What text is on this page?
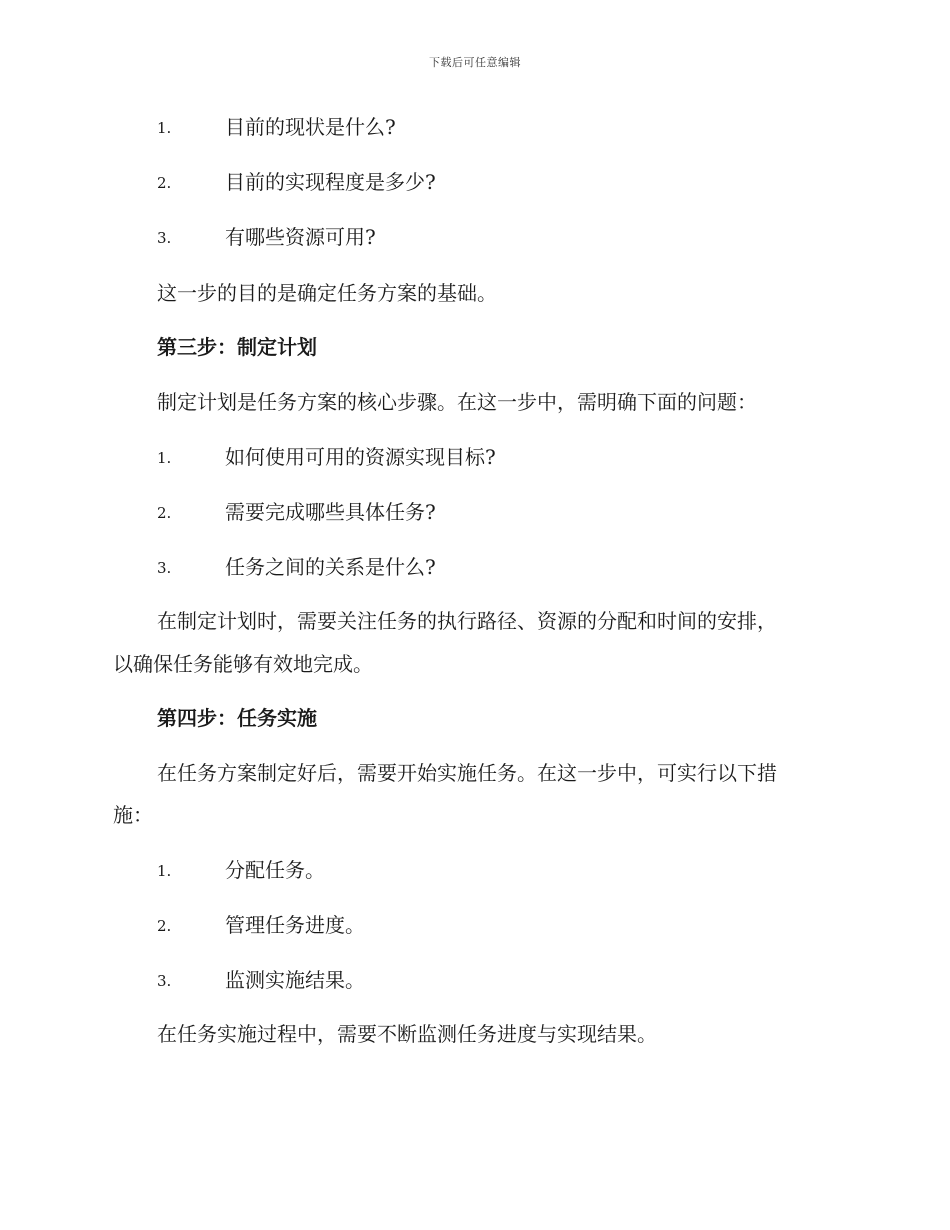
下载后可任意编辑
1.	目前的现状是什么?
2.	目前的实现程度是多少?
3.	有哪些资源可用?
这一步的目的是确定任务方案的基础。
第三步：制定计划
制定计划是任务方案的核心步骤。在这一步中，需明确下面的问题：
1.	如何使用可用的资源实现目标?
2.	需要完成哪些具体任务?
3.	任务之间的关系是什么?
在制定计划时，需要关注任务的执行路径、资源的分配和时间的安排，
以确保任务能够有效地完成。
第四步：任务实施
在任务方案制定好后，需要开始实施任务。在这一步中，可实行以下措
施：
1.	分配任务。
2.	管理任务进度。
3.	监测实施结果。
在任务实施过程中，需要不断监测任务进度与实现结果。
